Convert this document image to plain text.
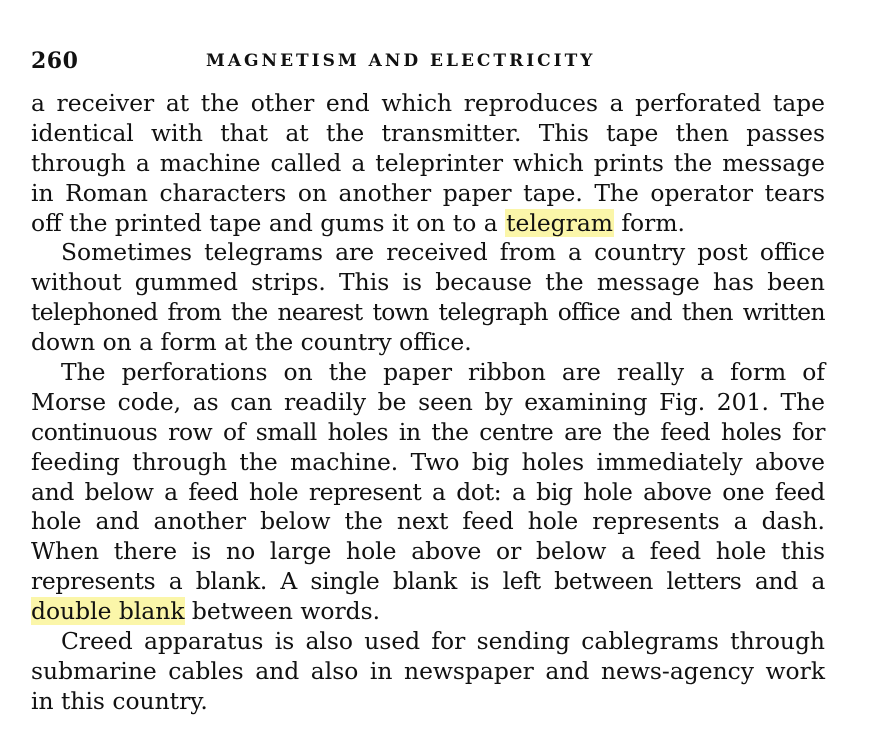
260	MAGNETISM AND ELECTRICITY
a receiver at the other end which reproduces a perforated tape
identical with that at the transmitter. This tape then passes
through a machine called a teleprinter which prints the message
in Roman characters on another paper tape. The operator tears
off the printed tape and gums it on to a telegram form.
Sometimes telegrams are received from a country post office
without gummed strips. This is because the message has been
telephoned from the nearest town telegraph office and then written
down on a form at the country office.
The perforations on the paper ribbon are really a form of
Morse code, as can readily be seen by examining Fig. 201. The
continuous row of small holes in the centre are the feed holes for
feeding through the machine. Two big holes immediately above
and below a feed hole represent a dot: a big hole above one feed
hole and another below the next feed hole represents a dash.
When there is no large hole above or below a feed hole this
represents a blank. A single blank is left between letters and a
double blank between words.
Creed apparatus is also used for sending cablegrams through
submarine cables and also in newspaper and news-agency work
in this country.
